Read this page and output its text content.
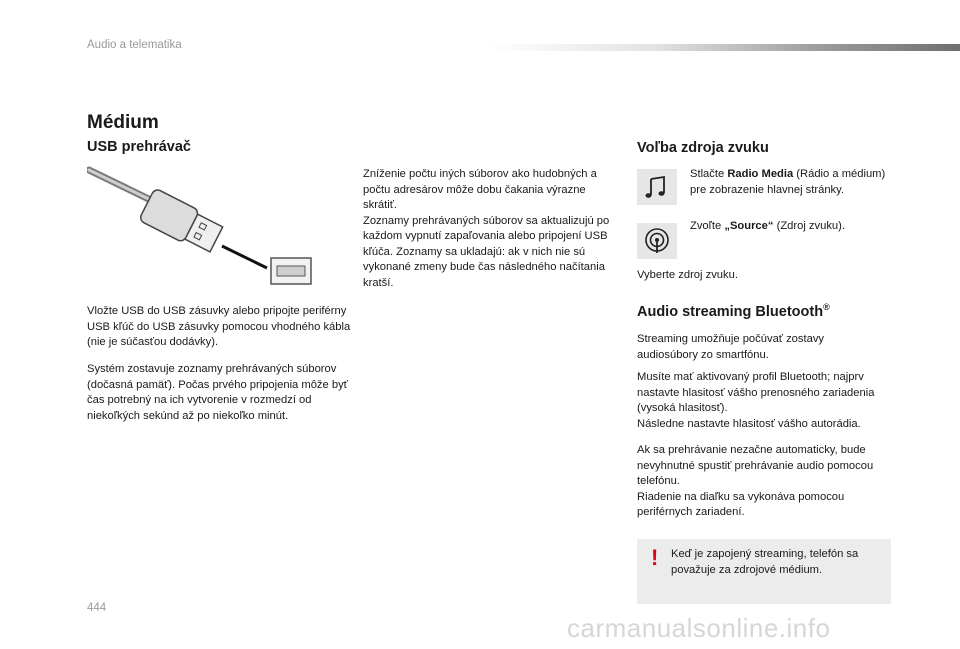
Audio a telematika
Médium
USB prehrávač
Vložte USB do USB zásuvky alebo pripojte periférny USB kľúč do USB zásuvky pomocou vhodného kábla (nie je súčasťou dodávky).
Systém zostavuje zoznamy prehrávaných súborov (dočasná pamäť). Počas prvého pripojenia môže byť čas potrebný na ich vytvorenie v rozmedzí od niekoľkých sekúnd až po niekoľko minút.
Zníženie počtu iných súborov ako hudobných a počtu adresárov môže dobu čakania výrazne skrátiť.
Zoznamy prehrávaných súborov sa aktualizujú po každom vypnutí zapaľovania alebo pripojení USB kľúča. Zoznamy sa ukladajú: ak v nich nie sú vykonané zmeny bude čas následného načítania kratší.
Voľba zdroja zvuku
Stlačte Radio Media (Rádio a médium) pre zobrazenie hlavnej stránky.
Zvoľte „Source“ (Zdroj zvuku).
Vyberte zdroj zvuku.
Audio streaming Bluetooth®
Streaming umožňuje počúvať zostavy audiosúbory zo smartfónu.
Musíte mať aktivovaný profil Bluetooth; najprv nastavte hlasitosť vášho prenosného zariadenia (vysoká hlasitosť).
Následne nastavte hlasitosť vášho autorádia.
Ak sa prehrávanie nezačne automaticky, bude nevyhnutné spustiť prehrávanie audio pomocou telefónu.
Riadenie na diaľku sa vykonáva pomocou periférnych zariadení.
! Keď je zapojený streaming, telefón sa považuje za zdrojové médium.
444
carmanualsonline.info
